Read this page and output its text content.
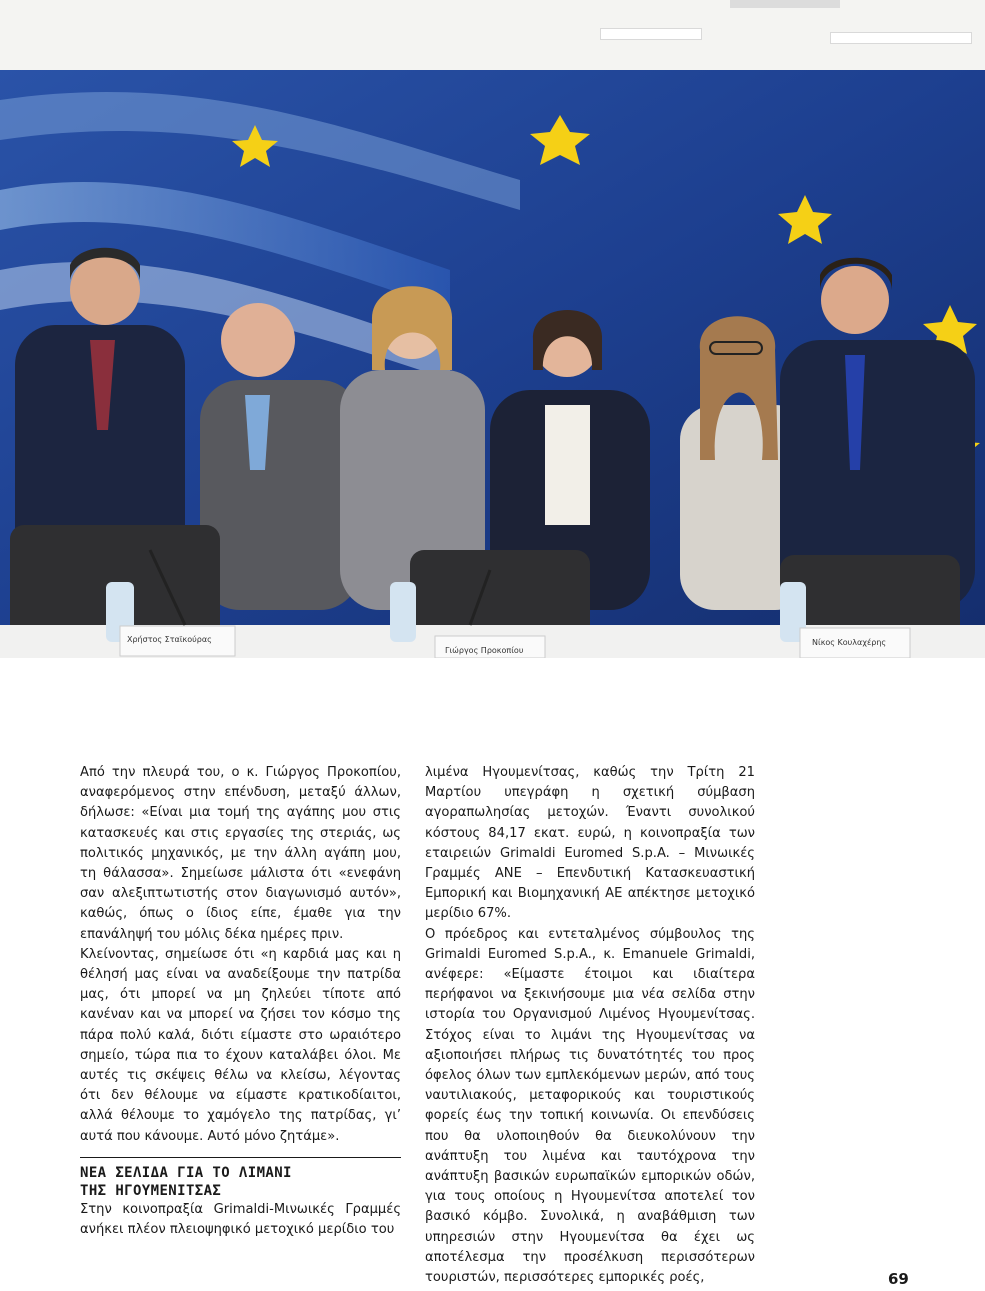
Χρήστος Σταϊκούρας
Γιώργος Προκοπίου
Νίκος Κουλαχέρης

Από την πλευρά του, ο κ. Γιώργος Προκοπίου, αναφερόμενος στην επένδυση, μεταξύ άλλων, δήλωσε: «Είναι μια τομή της αγάπης μου στις κατασκευές και στις εργασίες της στεριάς, ως πολιτικός μηχανικός, με την άλλη αγάπη μου, τη θάλασσα». Σημείωσε μάλιστα ότι «ενεφάνη σαν αλεξιπτωτιστής στον διαγωνισμό αυτόν», καθώς, όπως ο ίδιος είπε, έμαθε για την επανάληψή του μόλις δέκα ημέρες πριν.

Κλείνοντας, σημείωσε ότι «η καρδιά μας και η θέλησή μας είναι να αναδείξουμε την πατρίδα μας, ότι μπορεί να μη ζηλεύει τίποτε από κανέναν και να μπορεί να ζήσει τον κόσμο της πάρα πολύ καλά, διότι είμαστε στο ωραιότερο σημείο, τώρα πια το έχουν καταλάβει όλοι. Με αυτές τις σκέψεις θέλω να κλείσω, λέγοντας ότι δεν θέλουμε να είμαστε κρατικοδίαιτοι, αλλά θέλουμε το χαμόγελο της πατρίδας, γι’ αυτά που κάνουμε. Αυτό μόνο ζητάμε».

ΝΕΑ ΣΕΛΙΔΑ ΓΙΑ ΤΟ ΛΙΜΑΝΙ
ΤΗΣ ΗΓΟΥΜΕΝΙΤΣΑΣ

Στην κοινοπραξία Grimaldi-Μινωικές Γραμμές ανήκει πλέον πλειοψηφικό μετοχικό μερίδιο του

λιμένα Ηγουμενίτσας, καθώς την Τρίτη 21 Μαρτίου υπεγράφη η σχετική σύμβαση αγοραπωλησίας μετοχών. Έναντι συνολικού κόστους 84,17 εκατ. ευρώ, η κοινοπραξία των εταιρειών Grimaldi Euromed S.p.A. – Μινωικές Γραμμές ΑΝΕ – Επενδυτική Κατασκευαστική Εμπορική και Βιομηχανική ΑΕ απέκτησε μετοχικό μερίδιο 67%.

Ο πρόεδρος και εντεταλμένος σύμβουλος της Grimaldi Euromed S.p.A., κ. Emanuele Grimaldi, ανέφερε: «Είμαστε έτοιμοι και ιδιαίτερα περήφανοι να ξεκινήσουμε μια νέα σελίδα στην ιστορία του Οργανισμού Λιμένος Ηγουμενίτσας. Στόχος είναι το λιμάνι της Ηγουμενίτσας να αξιοποιήσει πλήρως τις δυνατότητές του προς όφελος όλων των εμπλεκόμενων μερών, από τους ναυτιλιακούς, μεταφορικούς και τουριστικούς φορείς έως την τοπική κοινωνία. Οι επενδύσεις που θα υλοποιηθούν θα διευκολύνουν την ανάπτυξη του λιμένα και ταυτόχρονα την ανάπτυξη βασικών ευρωπαϊκών εμπορικών οδών, για τους οποίους η Ηγουμενίτσα αποτελεί τον βασικό κόμβο. Συνολικά, η αναβάθμιση των υπηρεσιών στην Ηγουμενίτσα θα έχει ως αποτέλεσμα την προσέλκυση περισσότερων τουριστών, περισσότερες εμπορικές ροές,	69
